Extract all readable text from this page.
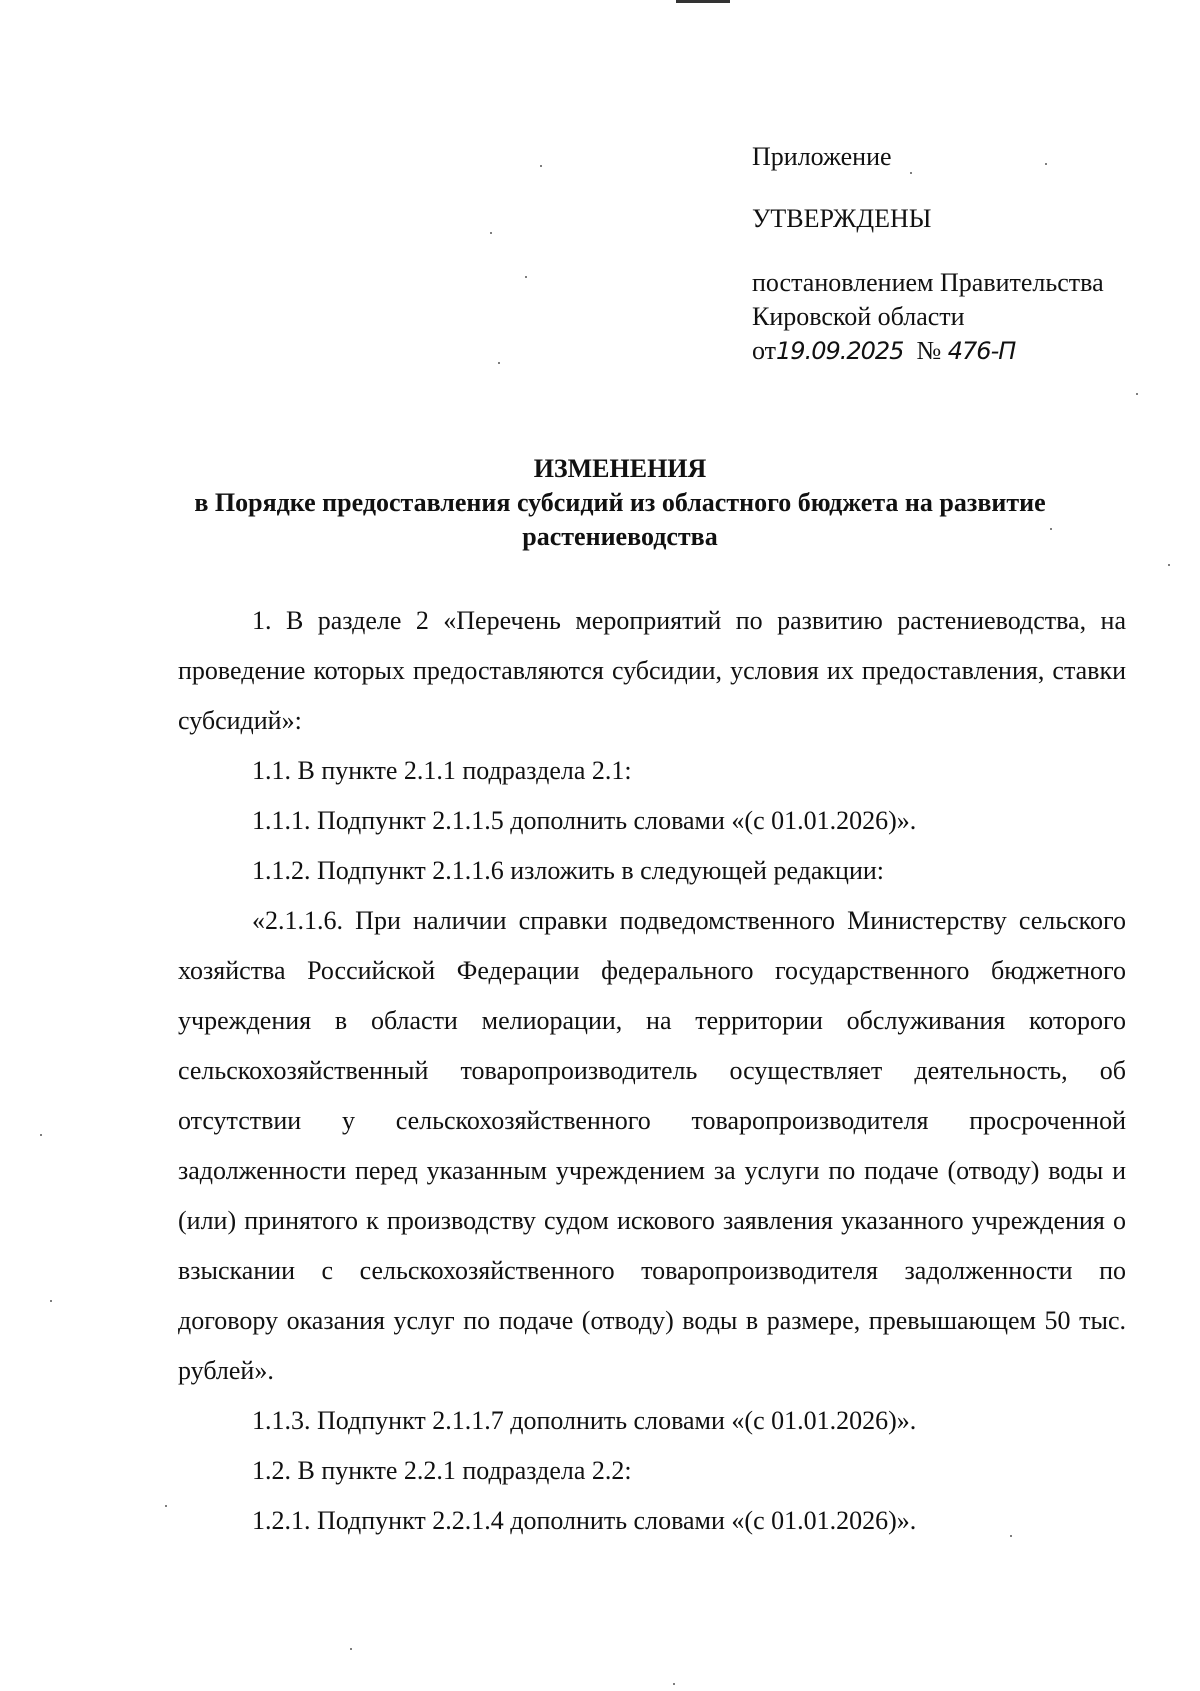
Приложение
УТВЕРЖДЕНЫ
постановлением Правительства
Кировской области
от19.09.2025 № 476-П
ИЗМЕНЕНИЯ
в Порядке предоставления субсидий из областного бюджета на развитие
растениеводства

1. В разделе 2 «Перечень мероприятий по развитию растениеводства, на проведение которых предоставляются субсидии, условия их предоставления, ставки субсидий»:

1.1. В пункте 2.1.1 подраздела 2.1:

1.1.1. Подпункт 2.1.1.5 дополнить словами «(с 01.01.2026)».

1.1.2. Подпункт 2.1.1.6 изложить в следующей редакции:

«2.1.1.6. При наличии справки подведомственного Министерству сельского хозяйства Российской Федерации федерального государственного бюджетного учреждения в области мелиорации, на территории обслуживания которого сельскохозяйственный товаропроизводитель осуществляет деятельность, об отсутствии у сельскохозяйственного товаропроизводителя просроченной задолженности перед указанным учреждением за услуги по подаче (отводу) воды и (или) принятого к производству судом искового заявления указанного учреждения о взыскании с сельскохозяйственного товаропроизводителя задолженности по договору оказания услуг по подаче (отводу) воды в размере, превышающем 50 тыс. рублей».

1.1.3. Подпункт 2.1.1.7 дополнить словами «(с 01.01.2026)».

1.2. В пункте 2.2.1 подраздела 2.2:

1.2.1. Подпункт 2.2.1.4 дополнить словами «(с 01.01.2026)».
